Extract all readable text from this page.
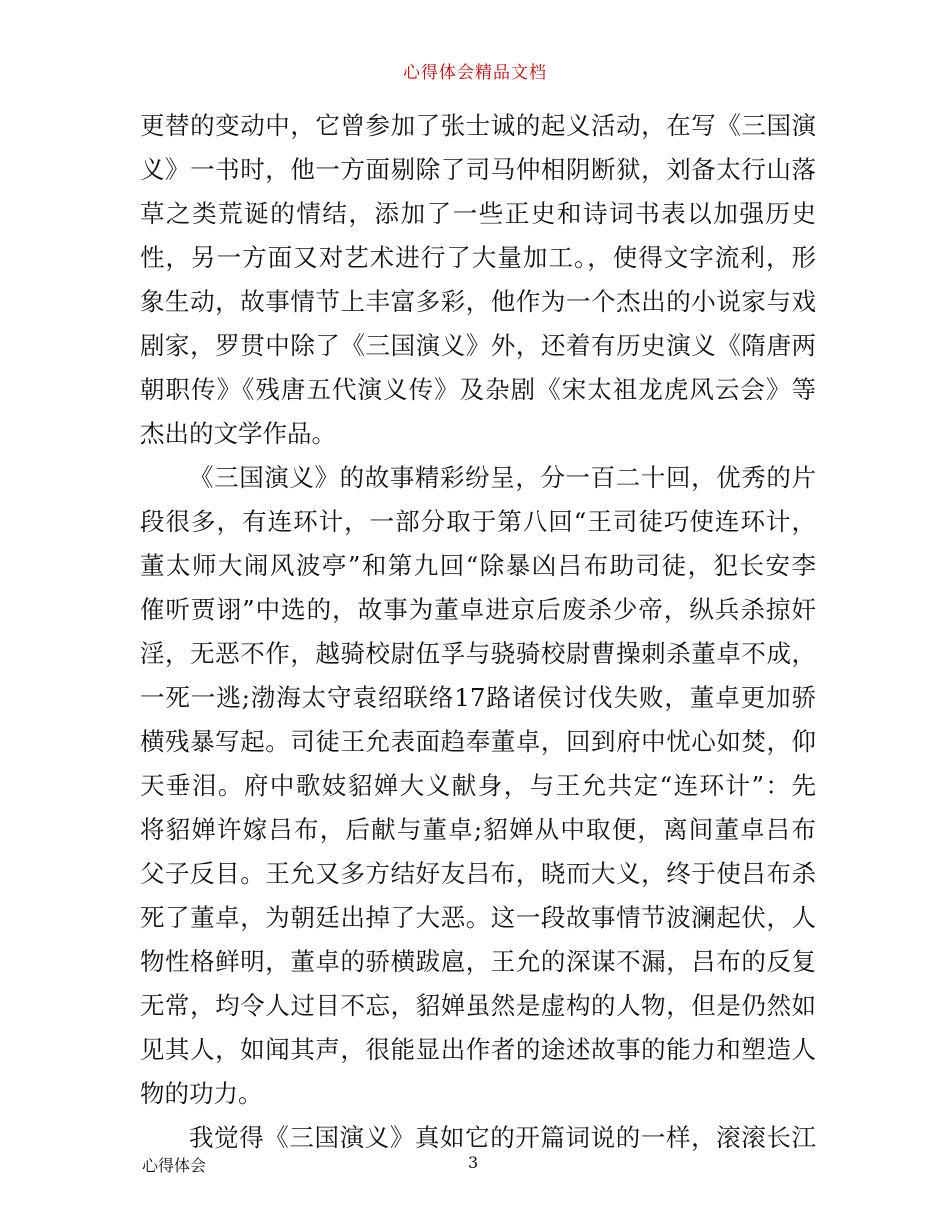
心得体会精品文档
更替的变动中，它曾参加了张士诚的起义活动，在写《三国演
义》一书时，他一方面剔除了司马仲相阴断狱，刘备太行山落
草之类荒诞的情结，添加了一些正史和诗词书表以加强历史
性，另一方面又对艺术进行了大量加工。，使得文字流利，形
象生动，故事情节上丰富多彩，他作为一个杰出的小说家与戏
剧家，罗贯中除了《三国演义》外，还着有历史演义《隋唐两
朝职传》《残唐五代演义传》及杂剧《宋太祖龙虎风云会》等
杰出的文学作品。
《三国演义》的故事精彩纷呈，分一百二十回，优秀的片
段很多，有连环计，一部分取于第八回“王司徒巧使连环计，
董太师大闹风波亭”和第九回“除暴凶吕布助司徒，犯长安李
傕听贾诩”中选的，故事为董卓进京后废杀少帝，纵兵杀掠奸
淫，无恶不作，越骑校尉伍孚与骁骑校尉曹操刺杀董卓不成，
一死一逃;渤海太守袁绍联络17路诸侯讨伐失败，董卓更加骄
横残暴写起。司徒王允表面趋奉董卓，回到府中忧心如焚，仰
天垂泪。府中歌妓貂婵大义献身，与王允共定“连环计”：先
将貂婵许嫁吕布，后献与董卓;貂婵从中取便，离间董卓吕布
父子反目。王允又多方结好友吕布，晓而大义，终于使吕布杀
死了董卓，为朝廷出掉了大恶。这一段故事情节波澜起伏，人
物性格鲜明，董卓的骄横跋扈，王允的深谋不漏，吕布的反复
无常，均令人过目不忘，貂婵虽然是虚构的人物，但是仍然如
见其人，如闻其声，很能显出作者的途述故事的能力和塑造人
物的功力。
我觉得《三国演义》真如它的开篇词说的一样，滚滚长江
心得体会	3
